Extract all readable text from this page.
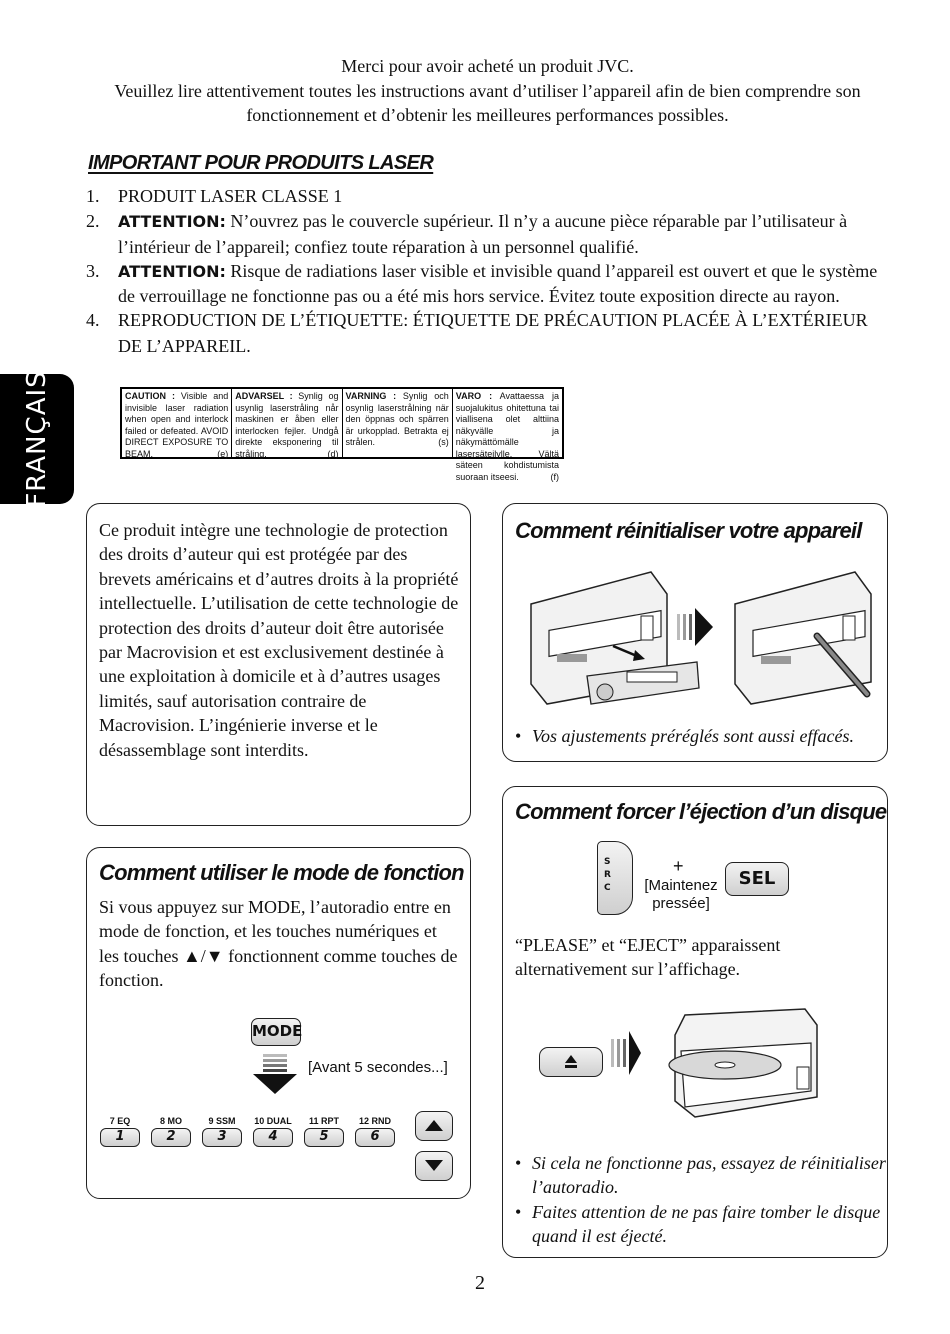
Merci pour avoir acheté un produit JVC.
Veuillez lire attentivement toutes les instructions avant d’utiliser l’appareil afin de bien comprendre son fonctionnement et d’obtenir les meilleures performances possibles.
IMPORTANT POUR PRODUITS LASER
1. PRODUIT LASER CLASSE 1
2. ATTENTION: N’ouvrez pas le couvercle supérieur. Il n’y a aucune pièce réparable par l’utilisateur à l’intérieur de l’appareil; confiez toute réparation à un personnel qualifié.
3. ATTENTION: Risque de radiations laser visible et invisible quand l’appareil est ouvert et que le système de verrouillage ne fonctionne pas ou a été mis hors service. Évitez toute exposition directe au rayon.
4. REPRODUCTION DE L’ÉTIQUETTE: ÉTIQUETTE DE PRÉCAUTION PLACÉE À L’EXTÉRIEUR DE L’APPAREIL.
CAUTION : Visible and invisible laser radiation when open and interlock failed or defeated. AVOID DIRECT EXPOSURE TO BEAM.	(e)
ADVARSEL : Synlig og usynlig laserstråling når maskinen er åben eller interlocken fejler. Undgå direkte eksponering til stråling.	(d)
VARNING : Synlig och osynlig laserstrålning när den öppnas och spärren är urkopplad. Betrakta ej strålen.	(s)
VARO : Avattaessa ja suojalukitus ohitettuna tai viallisena olet alttiina näkyvälle ja näkymättömälle lasersäteilylle. Vältä säteen kohdistumista suoraan itseesi.	(f)
FRANÇAIS
Ce produit intègre une technologie de protection des droits d’auteur qui est protégée par des brevets américains et d’autres droits à la propriété intellectuelle. L’utilisation de cette technologie de protection des droits d’auteur doit être autorisée par Macrovision et est exclusivement destinée à une exploitation à domicile et à d’autres usages limités, sauf autorisation contraire de Macrovision. L’ingénierie inverse et le désassemblage sont interdits.
Comment utiliser le mode de fonction
Si vous appuyez sur MODE, l’autoradio entre en mode de fonction, et les touches numériques et les touches ▲/▼ fonctionnent comme touches de fonction.
MODE
[Avant 5 secondes...]
7 EQ
1
8 MO
2
9 SSM
3
10 DUAL
4
11 RPT
5
12 RND
6
Comment réinitialiser votre appareil
• Vos ajustements préréglés sont aussi effacés.
Comment forcer l’éjection d’un disque
S
R
C
+
[Maintenez pressée]
SEL
“PLEASE” et “EJECT” apparaissent alternativement sur l’affichage.
• Si cela ne fonctionne pas, essayez de réinitialiser l’autoradio.
• Faites attention de ne pas faire tomber le disque quand il est éjecté.
2
